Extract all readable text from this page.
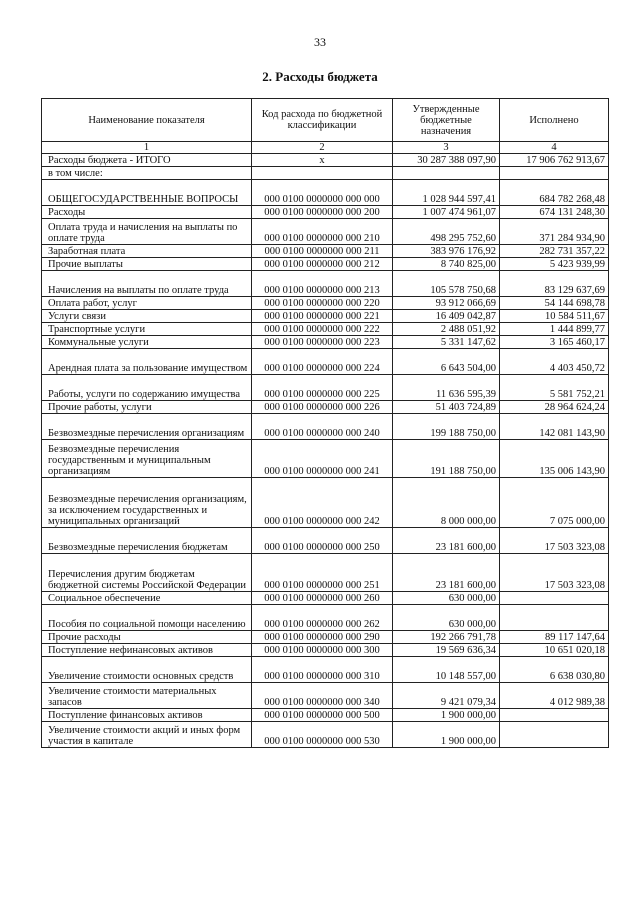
33
2. Расходы бюджета
Наименование показателя	Код расхода по бюджетной классификации	Утвержденные бюджетные назначения	Исполнено
1	2	3	4
Расходы бюджета - ИТОГО	х	30 287 388 097,90	17 906 762 913,67
в том числе:			
ОБЩЕГОСУДАРСТВЕННЫЕ ВОПРОСЫ	000 0100 0000000 000 000	1 028 944 597,41	684 782 268,48
Расходы	000 0100 0000000 000 200	1 007 474 961,07	674 131 248,30
Оплата труда и начисления на выплаты по оплате труда	000 0100 0000000 000 210	498 295 752,60	371 284 934,90
Заработная плата	000 0100 0000000 000 211	383 976 176,92	282 731 357,22
Прочие выплаты	000 0100 0000000 000 212	8 740 825,00	5 423 939,99
Начисления на выплаты по оплате труда	000 0100 0000000 000 213	105 578 750,68	83 129 637,69
Оплата работ, услуг	000 0100 0000000 000 220	93 912 066,69	54 144 698,78
Услуги связи	000 0100 0000000 000 221	16 409 042,87	10 584 511,67
Транспортные услуги	000 0100 0000000 000 222	2 488 051,92	1 444 899,77
Коммунальные услуги	000 0100 0000000 000 223	5 331 147,62	3 165 460,17
Арендная плата за пользование имуществом	000 0100 0000000 000 224	6 643 504,00	4 403 450,72
Работы, услуги по содержанию имущества	000 0100 0000000 000 225	11 636 595,39	5 581 752,21
Прочие работы, услуги	000 0100 0000000 000 226	51 403 724,89	28 964 624,24
Безвозмездные перечисления организациям	000 0100 0000000 000 240	199 188 750,00	142 081 143,90
Безвозмездные перечисления государственным и муниципальным организациям	000 0100 0000000 000 241	191 188 750,00	135 006 143,90
Безвозмездные перечисления организациям, за исключением государственных и муниципальных организаций	000 0100 0000000 000 242	8 000 000,00	7 075 000,00
Безвозмездные перечисления бюджетам	000 0100 0000000 000 250	23 181 600,00	17 503 323,08
Перечисления другим бюджетам бюджетной системы Российской Федерации	000 0100 0000000 000 251	23 181 600,00	17 503 323,08
Социальное обеспечение	000 0100 0000000 000 260	630 000,00	
Пособия по социальной помощи населению	000 0100 0000000 000 262	630 000,00	
Прочие расходы	000 0100 0000000 000 290	192 266 791,78	89 117 147,64
Поступление нефинансовых активов	000 0100 0000000 000 300	19 569 636,34	10 651 020,18
Увеличение стоимости основных средств	000 0100 0000000 000 310	10 148 557,00	6 638 030,80
Увеличение стоимости материальных запасов	000 0100 0000000 000 340	9 421 079,34	4 012 989,38
Поступление финансовых активов	000 0100 0000000 000 500	1 900 000,00	
Увеличение стоимости акций и иных форм участия в капитале	000 0100 0000000 000 530	1 900 000,00	
